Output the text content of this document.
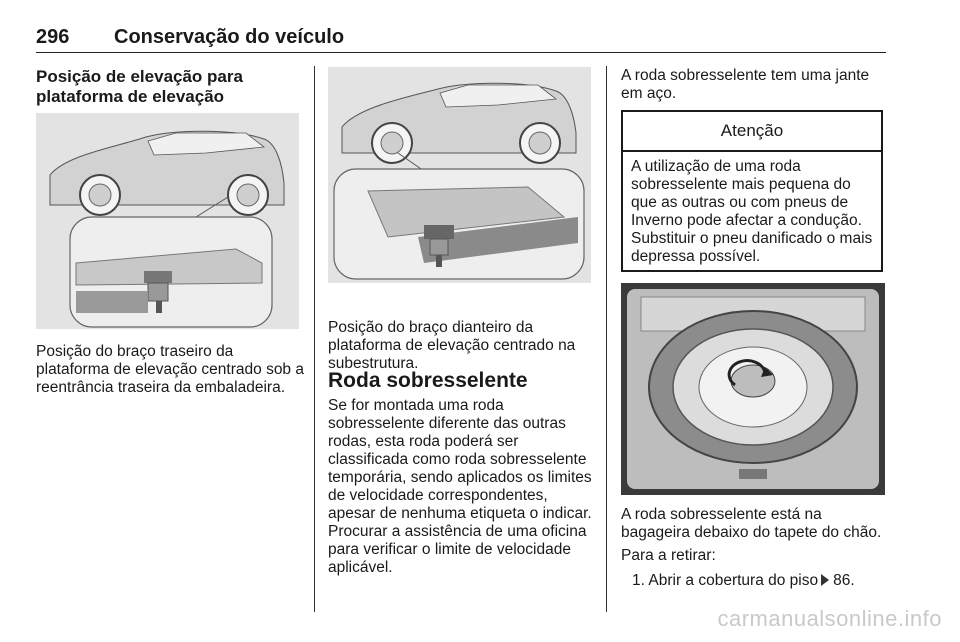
296 Conservação do veículo
Posição de elevação para plataforma de elevação

Posição do braço traseiro da plataforma de elevação centrado sob a reentrância traseira da embaladeira.

Posição do braço dianteiro da plataforma de elevação centrado na subestrutura.

Roda sobresselente

Se for montada uma roda sobresselente diferente das outras rodas, esta roda poderá ser classificada como roda sobresselente temporária, sendo aplicados os limites de velocidade correspondentes, apesar de nenhuma etiqueta o indicar. Procurar a assistência de uma oficina para verificar o limite de velocidade aplicável.

A roda sobresselente tem uma jante em aço.

Atenção
A utilização de uma roda sobresselente mais pequena do que as outras ou com pneus de Inverno pode afectar a condução. Substituir o pneu danificado o mais depressa possível.

A roda sobresselente está na bagageira debaixo do tapete do chão.

Para a retirar:

1. Abrir a cobertura do piso 86.
carmanualsonline.info
